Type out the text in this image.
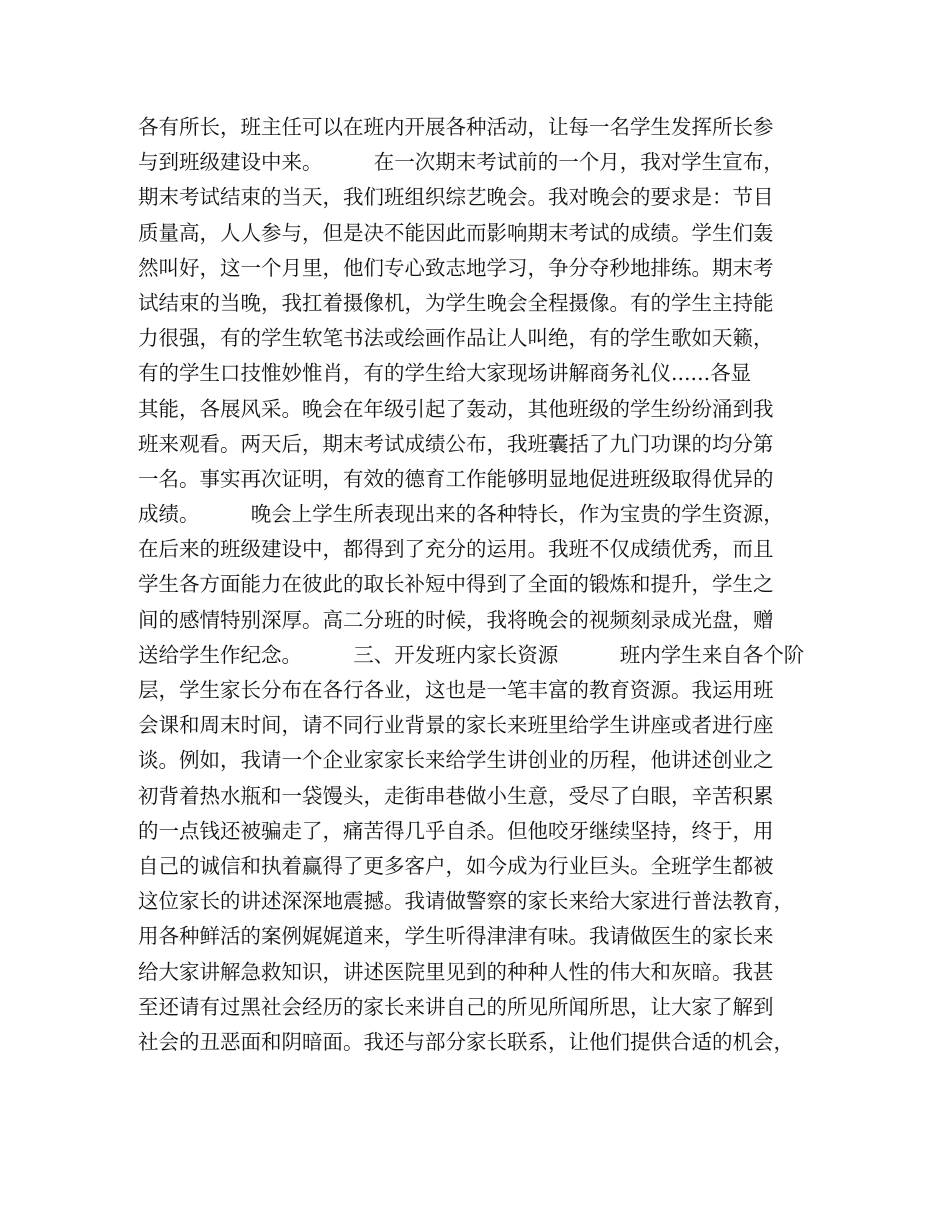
各有所长，班主任可以在班内开展各种活动，让每一名学生发挥所长参
与到班级建设中来。　　　在一次期末考试前的一个月，我对学生宣布，
期末考试结束的当天，我们班组织综艺晚会。我对晚会的要求是：节目
质量高，人人参与，但是决不能因此而影响期末考试的成绩。学生们轰
然叫好，这一个月里，他们专心致志地学习，争分夺秒地排练。期末考
试结束的当晚，我扛着摄像机，为学生晚会全程摄像。有的学生主持能
力很强，有的学生软笔书法或绘画作品让人叫绝，有的学生歌如天籁，
有的学生口技惟妙惟肖，有的学生给大家现场讲解商务礼仪......各显
其能，各展风采。晚会在年级引起了轰动，其他班级的学生纷纷涌到我
班来观看。两天后，期末考试成绩公布，我班囊括了九门功课的均分第
一名。事实再次证明，有效的德育工作能够明显地促进班级取得优异的
成绩。　　　晚会上学生所表现出来的各种特长，作为宝贵的学生资源，
在后来的班级建设中，都得到了充分的运用。我班不仅成绩优秀，而且
学生各方面能力在彼此的取长补短中得到了全面的锻炼和提升，学生之
间的感情特别深厚。高二分班的时候，我将晚会的视频刻录成光盘，赠
送给学生作纪念。　　　三、开发班内家长资源　　　班内学生来自各个阶
层，学生家长分布在各行各业，这也是一笔丰富的教育资源。我运用班
会课和周末时间，请不同行业背景的家长来班里给学生讲座或者进行座
谈。例如，我请一个企业家家长来给学生讲创业的历程，他讲述创业之
初背着热水瓶和一袋馒头，走街串巷做小生意，受尽了白眼，辛苦积累
的一点钱还被骗走了，痛苦得几乎自杀。但他咬牙继续坚持，终于，用
自己的诚信和执着赢得了更多客户，如今成为行业巨头。全班学生都被
这位家长的讲述深深地震撼。我请做警察的家长来给大家进行普法教育，
用各种鲜活的案例娓娓道来，学生听得津津有味。我请做医生的家长来
给大家讲解急救知识，讲述医院里见到的种种人性的伟大和灰暗。我甚
至还请有过黑社会经历的家长来讲自己的所见所闻所思，让大家了解到
社会的丑恶面和阴暗面。我还与部分家长联系，让他们提供合适的机会，
